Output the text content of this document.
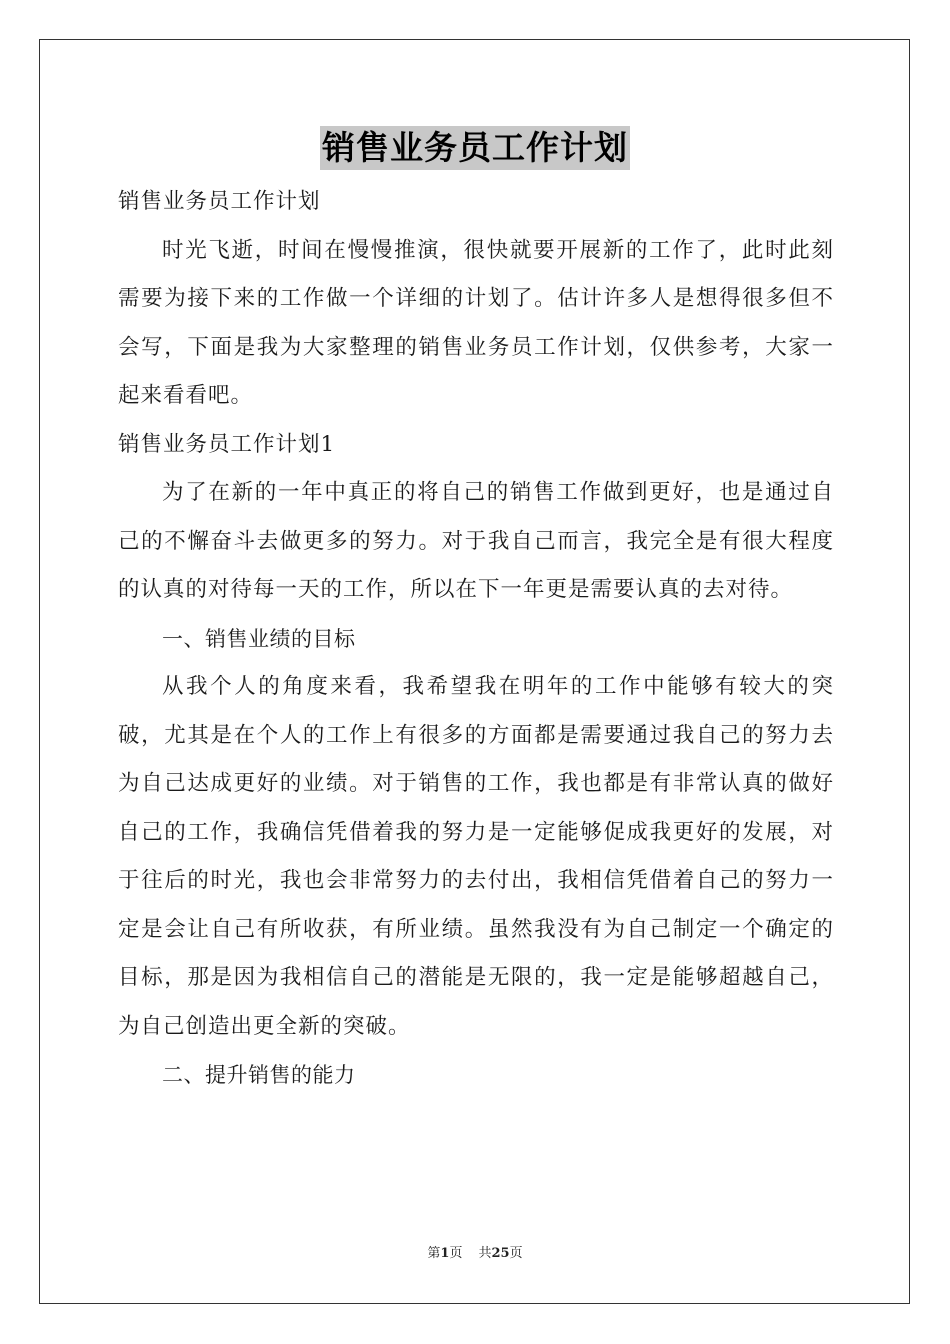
销售业务员工作计划

销售业务员工作计划

时光飞逝，时间在慢慢推演，很快就要开展新的工作了，此时此刻需要为接下来的工作做一个详细的计划了。估计许多人是想得很多但不会写，下面是我为大家整理的销售业务员工作计划，仅供参考，大家一起来看看吧。

销售业务员工作计划1

为了在新的一年中真正的将自己的销售工作做到更好，也是通过自己的不懈奋斗去做更多的努力。对于我自己而言，我完全是有很大程度的认真的对待每一天的工作，所以在下一年更是需要认真的去对待。

一、销售业绩的目标

从我个人的角度来看，我希望我在明年的工作中能够有较大的突破，尤其是在个人的工作上有很多的方面都是需要通过我自己的努力去为自己达成更好的业绩。对于销售的工作，我也都是有非常认真的做好自己的工作，我确信凭借着我的努力是一定能够促成我更好的发展，对于往后的时光，我也会非常努力的去付出，我相信凭借着自己的努力一定是会让自己有所收获，有所业绩。虽然我没有为自己制定一个确定的目标，那是因为我相信自己的潜能是无限的，我一定是能够超越自己，为自己创造出更全新的突破。

二、提升销售的能力

第1页 共25页
